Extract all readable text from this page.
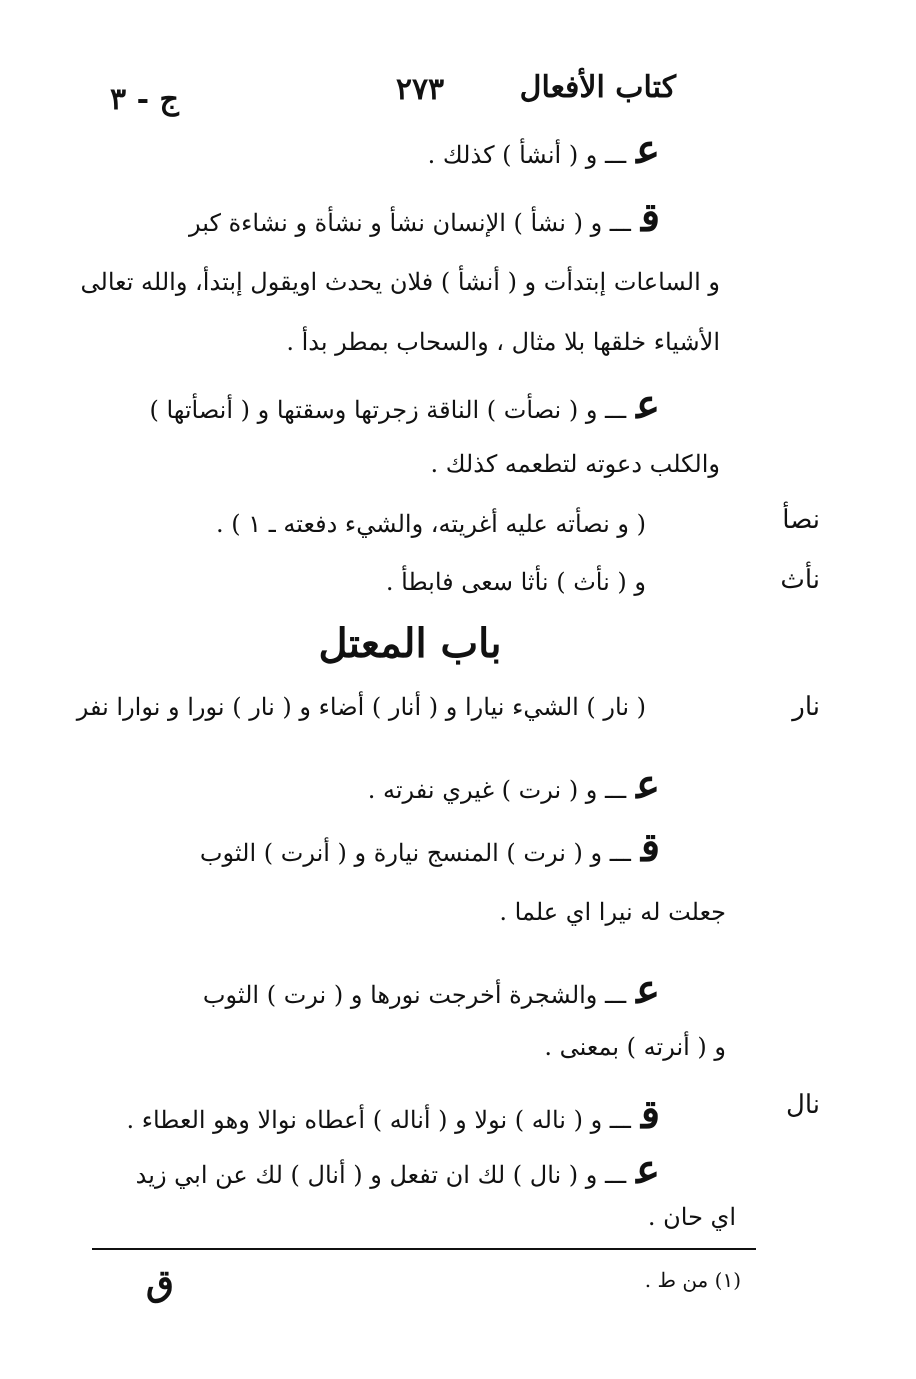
كتاب الأفعال
٢٧٣
ج - ٣
عـــ و ( أنشأ ) كذلك .
قـــ و ( نشأ ) الإنسان نشأ و نشأة و نشاءة كبر
و الساعات إبتدأت و ( أنشأ ) فلان يحدث اويقول إبتدأ، والله تعالى
الأشياء خلقها بلا مثال ، والسحاب بمطر بدأ .
عـــ و ( نصأت ) الناقة زجرتها وسقتها و ( أنصأتها )
والكلب دعوته لتطعمه كذلك .
نصأ
( و نصأته عليه أغريته، والشيء دفعته ـ ١ ) .
نأث
و ( نأث ) نأثا سعى فابطأ .
باب المعتل
نار
( نار ) الشيء نيارا و ( أنار ) أضاء و ( نار ) نورا و نوارا نفر
عـــ و ( نرت ) غيري نفرته .
قـــ و ( نرت ) المنسج نيارة و ( أنرت ) الثوب
جعلت له نيرا اي علما .
عـــ والشجرة أخرجت نورها و ( نرت ) الثوب
و ( أنرته ) بمعنى .
نال
قـــ و ( ناله ) نولا و ( أناله ) أعطاه نوالا وهو العطاء .
عـــ و ( نال ) لك ان تفعل و ( أنال ) لك عن ابي زيد
اي حان .
(١) من ط .
ق
